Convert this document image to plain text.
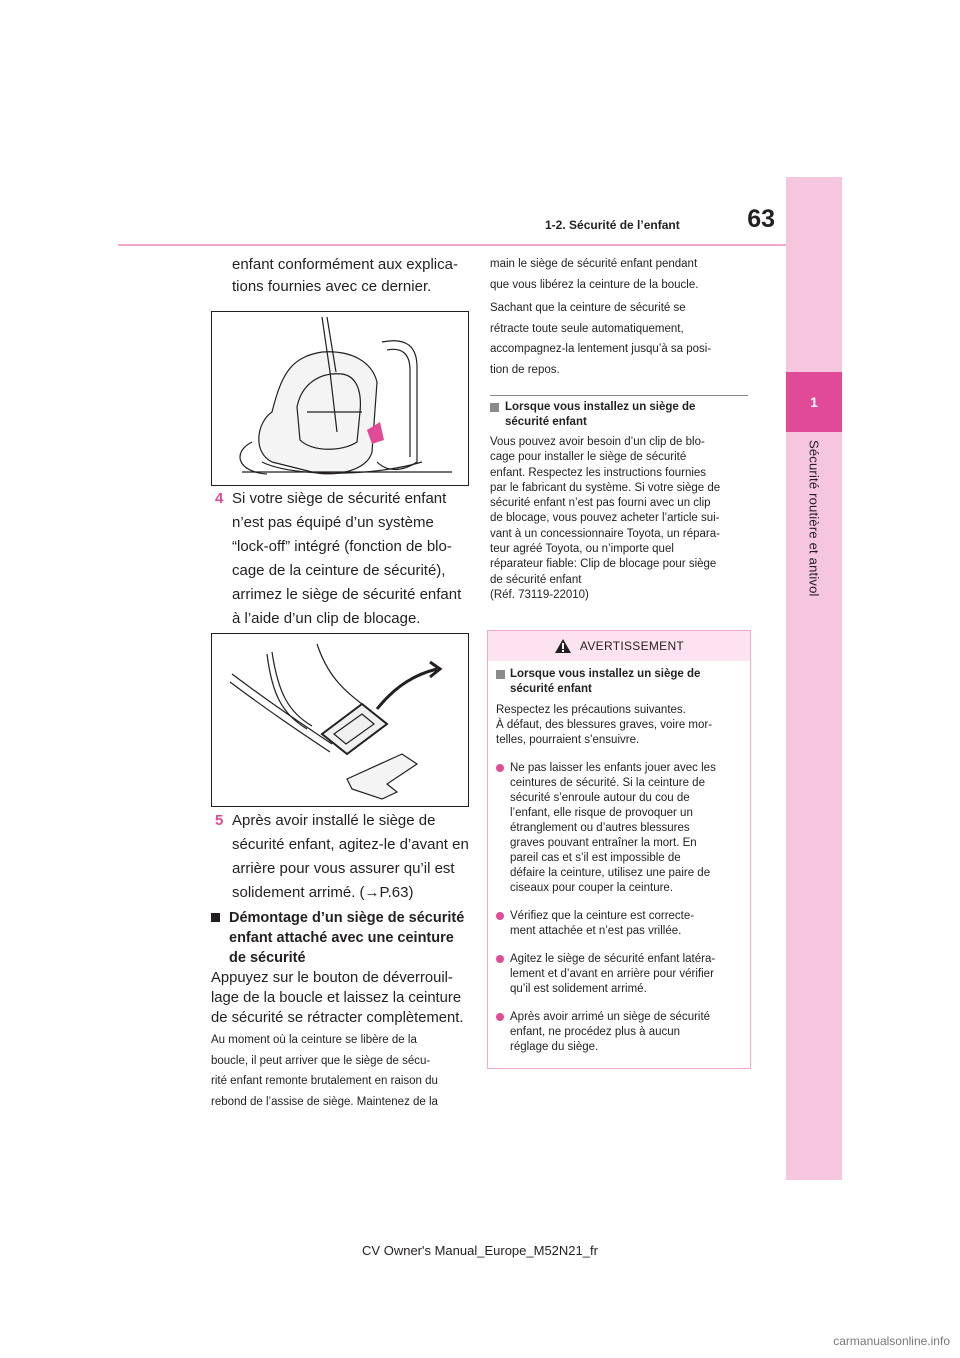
63
1-2. Sécurité de l’enfant
1
Sécurité routière et antivol
enfant conformément aux explica-
tions fournies avec ce dernier.
4 Si votre siège de sécurité enfant
n’est pas équipé d’un système
“lock-off” intégré (fonction de blo-
cage de la ceinture de sécurité),
arrimez le siège de sécurité enfant
à l’aide d’un clip de blocage.
5 Après avoir installé le siège de
sécurité enfant, agitez-le d’avant en
arrière pour vous assurer qu’il est
solidement arrimé. (→P.63)
Démontage d’un siège de sécurité
enfant attaché avec une ceinture
de sécurité
Appuyez sur le bouton de déverrouil-
lage de la boucle et laissez la ceinture
de sécurité se rétracter complètement.
Au moment où la ceinture se libère de la
boucle, il peut arriver que le siège de sécu-
rité enfant remonte brutalement en raison du
rebond de l’assise de siège. Maintenez de la
main le siège de sécurité enfant pendant
que vous libérez la ceinture de la boucle.
Sachant que la ceinture de sécurité se
rétracte toute seule automatiquement,
accompagnez-la lentement jusqu’à sa posi-
tion de repos.
Lorsque vous installez un siège de
sécurité enfant
Vous pouvez avoir besoin d’un clip de blo-
cage pour installer le siège de sécurité
enfant. Respectez les instructions fournies
par le fabricant du système. Si votre siège de
sécurité enfant n’est pas fourni avec un clip
de blocage, vous pouvez acheter l’article sui-
vant à un concessionnaire Toyota, un répara-
teur agréé Toyota, ou n’importe quel
réparateur fiable: Clip de blocage pour siège
de sécurité enfant
(Réf. 73119-22010)
AVERTISSEMENT
Lorsque vous installez un siège de
sécurité enfant
Respectez les précautions suivantes.
À défaut, des blessures graves, voire mor-
telles, pourraient s’ensuivre.
Ne pas laisser les enfants jouer avec les
ceintures de sécurité. Si la ceinture de
sécurité s’enroule autour du cou de
l’enfant, elle risque de provoquer un
étranglement ou d’autres blessures
graves pouvant entraîner la mort. En
pareil cas et s’il est impossible de
défaire la ceinture, utilisez une paire de
ciseaux pour couper la ceinture.
Vérifiez que la ceinture est correcte-
ment attachée et n’est pas vrillée.
Agitez le siège de sécurité enfant latéra-
lement et d’avant en arrière pour vérifier
qu’il est solidement arrimé.
Après avoir arrimé un siège de sécurité
enfant, ne procédez plus à aucun
réglage du siège.
CV Owner's Manual_Europe_M52N21_fr
carmanualsonline.info
